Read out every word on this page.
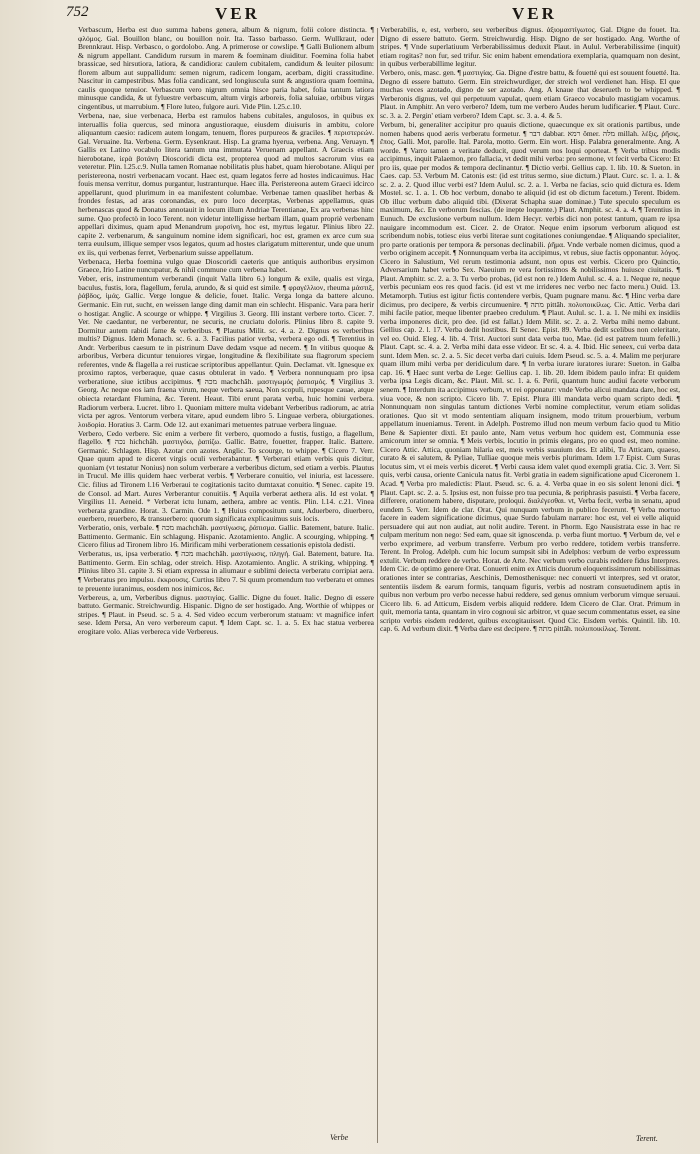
752	VER	VER

Verbascum, Herba est duo summa habens genera, album & nigrum, folii colore distincta. ¶ φλόμος. Gal. Bouillon blanc, ou bouillon noir. Ita. Tasso barbasso. Germ. Wullkraut, oder Brennkraut. Hisp. Verbasco, o gordolobo. Ang. A primerose or cowslipe. ¶ Galli Bulionem album & nigrum appellant. Candidum rursum in marem & foeminam diuiditur. Foemina folia habet brassicae, sed hirsutiora, latiora, & candidiora: caulem cubitalem, candidum & leuiter pilosum: florem album aut suppallidum: semen nigrum, radicem longam, acerbam, digiti crassitudine. Nascitur in campestribus. Mas folia candicant, sed longiuscula sunt & angustiora quam foemina, caulis quoque tenuior. Verbascum vero nigrum omnia hisce paria habet, folia tantum latiora minusque candida, & ut fyluestre verbascum, altum virgis arboreis, folia saluiae, orbibus virgas cingentibus, ut marrubium. ¶ Flore luteo, fulgore auri. Vide Plin. l.25.c.10.

Verbena, nae, siue verbenaca, Herba est ramulos habens cubitales, angulosos, in quibus ex interuallis folia quercus, sed minora angustioraque, eiusdem diuisuris in ambitu, colore aliquantum caesio: radicem autem longam, tenuem, flores purpureos & graciles. ¶ περιστερεών. Gal. Veruaine. Ita. Verbena. Germ. Eysenkraut. Hisp. La grama hyerua, verbena. Ang. Veruayn. ¶ Gallis ex Latino vocabulo litera tantum una immutata Veruenam appellant. A Graecis etiam hierobotane, ἱερὰ βοτάνη Dioscoridi dicta est, propterea quod ad multos sacrorum vius ea veteretur. Plin. l.25.c.9. Nulla tamen Romanae nobilitatis plus habet, quam hierobotane. Aliqui per peristereona, nostri verbenacam vocant. Haec est, quam legatos ferre ad hostes indicauimus. Hac fouis mensa verritur, domus purgantur, lustranturque. Haec illa. Peristereona autem Graeci idcirco appellarunt, quod plurimum in ea manifestent columbae. Verbenae tamen quaslibet herbas & frondes festas, ad aras coronandas, ex puro loco decerptas, Verbenas appellamus, quas herbenascas quod & Donatus annotauit in locum illum Andriae Terentianae, Ex ara verbenas hinc sume. Quo profectò in loco Terent. non videtur intelligisse herbam illam, quam propriè verbenam appellari diximus, quam apud Menandrum μυρσίνη, hoc est, myrtus legatur. Plinius libro 22. capite 2. verbenarum, & sanguinum nomine idem significari, hoc est, gramen ex arce cum sua terra euulsum, illique semper vsos legatos, quum ad hostes clarigatum mitterentur, unde que unum ex iis, qui verbenas ferret, Verbenarium suisse appellatum.

Verbenaca, Herba foemina vulgo quae Dioscoridi caeteris que antiquis authoribus erysimon Graece, Irio Latine nuncupatur, & nihil commune cum verbena habet.

Veber, eris, instrumentum verberandi (inquit Valla libro 6.) longum & exile, qualis est virga, baculus, fustis, lora, flagellum, ferula, arundo, & si quid est simile. ¶ φραγέλλιον, rheuma μάστιξ, ῥάβδος, ἱμάς. Gallic. Verge longue & delicie, fouet. Italic. Verga longa da battere alcuno. Germanic. Ein rut, sucht, en weissen lange ding damit man ein schlecht. Hispanic. Vara para herir o hostigar. Anglic. A scourge or whippe. ¶ Virgilius 3. Georg. Illi instant verbere torto. Cicer. 7. Ver. Ne caedantur, ne verberentur, ne securis, ne cruciatu doloris. Plinius libro 8. capite 9. Dormitur autem rabidi fame & verberibus. ¶ Plautus Milit. sc. 4. a. 2. Dignus es verberibus multis? Dignus. Idem Monach. sc. 6. a. 3. Facilius patior verba, verbera ego odi. ¶ Terentius in Andr. Verberibus caesum te in pistrinum Dave dedam vsque ad necem. ¶ In vitibus quoque & arboribus, Verbera dicuntur tenuiores virgae, longitudine & flexibilitate sua flagrorum speciem referentes, vnde & flagella a rei rusticae scriptoribus appellantur. Quin. Declamat. vlt. Ignesque ex proximo raptos, verberaque, quae casus obtulerat in vado. ¶ Verbera nonnunquam pro ipsa verberatione, siue ictibus accipimus. ¶ מכה machchâh. μαστιγωμός ῥαπισμός. ¶ Virgilius 3. Georg. Ac neque eos iam fraena virum, neque verbera saeua, Non scopuli, rupesque cauae, atque obiecta retardant Flumina, &c. Terent. Heaut. Tibi erunt parata verba, huic homini verbera. Radiorum verbera. Lucret. libro 1. Quoniam mittere multa videbant Verberibus radiorum, ac atria victa per agros. Ventorum verbera vitare, apud eundem libro 5. Linguae verbera, obiurgationes. λοιδορία. Horatius 3. Carm. Ode 12. aut exanimari metuentes patruae verbera linguae.

Verbero, Cedo verbere. Sic enim a verbere fit verbero, quomodo a fustis, fustigo, a flagellum, flagello. ¶ נכה hichchâh. μαστιγόω, ῥαπίζω. Gallic. Batre, fouetter, frapper. Italic. Battere. Germanic. Schlagen. Hisp. Azotar con azotes. Anglic. To scourge, to whippe. ¶ Cicero 7. Verr. Quae quum apud te diceret virgis oculi verberabantur. ¶ Verberari etiam verbis quis dicitur, quoniam (vt testatur Nonius) non solum verberare a verberibus dictum, sed etiam a verbis. Plautus in Trucul. Me illis quidem haec verberat verbis. ¶ Verberare conuitio, vel iniuria, est lacessere. Cic. filius ad Tironem l.16 Verberaui te cogitationis tacito dumtaxat conuitio. ¶ Senec. capite 19. de Consol. ad Mart. Aures Verberantur conuitiis. ¶ Aquila verberat aethera alis. Id est volat. ¶ Virgilius 11. Aeneid. * Verberat ictu lunam, aethera, ambre ac ventis. Plin. l.14. c.21. Vinea verberata grandine. Horat. 3. Carmin. Ode 1. ¶ Huius compositum sunt, Aduerbero, diuerbero, euerbero, reuerbero, & transuerbero: quorum significata explicauimus suis locis.

Verberatio, onis, verbale. ¶ מכה machchâh. μαστίγωσις, ῥάπισμα. Gallic. Batement, bature. Italic. Battimento. Germanic. Ein schlagung. Hispanic. Azotamiento. Anglic. A scourging, whipping. ¶ Cicero filius ad Tironem libro 16. Mirificam mihi verberationem cessationis epistola dedisti.

Verberatus, us, ipsa verberatio. ¶ מכה machchâh. μαστίγωσις, πληγή. Gal. Batement, bature. Ita. Battimento. Germ. Ein schlag, oder streich. Hisp. Azotamiento. Anglic. A striking, whipping. ¶ Plinius libro 31. capite 3. Si etiam expressa in aliumaur e sublimi deiecta verberatu corripiat aera. ¶ Verberatus pro impulsu. ἐκκρουσις. Curtius libro 7. Si quum promendum tuo verberatu et omnes te preuente iuranimus, eosdem nos inimicos, &c.

Verbereus, a, um, Verberibus dignus. μαστιγίας. Gallic. Digne du fouet. Italic. Degno di essere battuto. Germanic. Streichwurdig. Hispanic. Digno de ser hostigado. Ang. Worthie of whippes or stripes. ¶ Plaut. in Pseud. sc. 5 a. 4. Sed video eccum verberorum statuam: vt magnifice infert sese. Idem Persa, An vero verbereum caput. ¶ Idem Capt. sc. 1. a. 5. Ex hac statua verberea erogitare volo. Alias verbereca vide Verbereus.

Verberabilis, e, est, verbero, seu verberibus dignus. ἀξιομαστίγωτος. Gal. Digne du fouet. Ita. Digno di essere battuto. Germ. Streichwurdig. Hisp. Digno de ser hostigado. Ang. Worthe of stripes. ¶ Vnde superlatiuum Verberabilissimus deduxit Plaut. in Aulul. Verberabilissime (inquit) etiam rogitas? non fur, sed trifur. Sic enim habent emendatiora exemplaria, quamquam non desint, in quibus verberabillime legitur.

Verbero, onis, masc. gen. ¶ μαστιγίας. Ga. Digne d'estre battu, & fouetté qui est souuent fouetté. Ita. Degno di essere battuto. Germ. Ein streichwurdiger, der streich wol verdienet han. Hisp. El que muchas veces azotado, digno de ser azotado. Ang. A knaue that deserueth to be whipped. ¶ Verberonis dignus, vel qui perpetuum vapulat, quem etiam Graeco vocabulo mastigiam vocamus. Plaut. in Amphitr. An vero verbero? Idem, tum me verbero Audes herum ludificarier. ¶ Plaut. Curc. sc. 3. a. 2. Pergin' etiam verbero? Idem Capt. sc. 3. a. 4. & 5.

Verbum, bi, generaliter accipitur pro quauis dictione, quaecunque ex sit orationis partibus, unde nomen habens quod aeris verberatu formetur. ¶ דבר dabbar. רמא ômer. מלה millah. λέξις, ῥῆσις, ἔπος. Galli. Mot, parolle. Ital. Parola, motto. Germ. Ein wort. Hisp. Palabra generalmente. Ang. A worde. ¶ Varro tamen a veritate deducit, quod verum nos loqui oporteat. ¶ Verba tribus modis accipimus, inquit Palaemon, pro fallacia, vt dedit mihi verba: pro sermone, vt fecit verba Cicero: Et pro iis, quae per modos & tempora declinantur. ¶ Dictio verbi. Gellius cap. 1. lib. 10. & Sueton. in Caes. cap. 53. Verbum M. Catonis est: (id est tritus sermo, siue dictum.) Plaut. Curc. sc. 1. a. 1. & sc. 2. a. 2. Quod illuc verbi est? Idem Aulul. sc. 2. a. 1. Verba ne facias, scio quid dictura es. Idem Mostel. sc. 1. a. 1. Ob hoc verbum, donabo te aliquid (id est ob dictum facetum.) Terent. Ibidem. Ob illuc verbum dabo aliquid tibi. (Dixerat Schapha suae dominae.) Tute speculo speculum es maximum, &c. En verborum fescias. (de inepte loquente.) Plaut. Amphit. sc. 4. a. 4. ¶ Terentius in Eunuch. De exclusione verbum nullum. Idem Hecyr. verbis dici non potest tantum, quam re ipsa nauigare incommodum est. Cicer. 2. de Orator. Neque enim ipsorum verborum aliquod est scribendum nobis, totiesc eius verbi literae sunt cogitationes coniungendae. ¶ Aliquando specialiter, pro parte orationis per tempora & personas declinabili. ῥῆμα. Vnde verbale nomen dicimus, quod a verbo originem accepit. ¶ Nonnunquam verba ita accipimus, vt rebus, siue factis opponantur. λόγος. Cicero in Salustium, Vel rerum testimonia adsunt, non opus est verbis. Cicero pro Quinctio, Adversarium habet verbo Sex. Naeuium re vera fortissimos & nobilissimos huiusce ciuitatis. ¶ Plaut. Amphitr. sc. 2. a. 3. Tu verbo probas, (id est non re.) Idem Aulul. sc. 4. a. 1. Neque re, neque verbis pecuniam eos res quod facis. (id est vt me irrideres nec verbo nec facto meru.) Ouid. 13. Metamorph. Tutius est igitur fictis contendere verbis, Quam pugnare manu. &c. ¶ Hinc verba dare dicimus, pro decipere, & verbis circumuenire. ¶ מתה pittâh. πολυποικίλως. Cic. Attic. Verba dari mihi facile patior, meque libenter praebeo credulum. ¶ Plaut. Aulul. sc. 1. a. 1. Ne mihi ex insidiis verba imponeres dicit, pro dee. (id est fallat.) Idem Milit. sc. 2. a. 2. Verba mihi nemo dabunt. Gellius cap. 2. l. 17. Verba dedit hostibus. Et Senec. Epist. 89. Verba dedit scelibus non celeritate, vel eo. Ouid. Eleg. 4. lib. 4. Trist. Auctori sunt data verba tuo, Mae. (id est patrem tuum fefelli.) Plaut. Capt. sc. 4. a. 2. Verba mihi data esse videor. Et sc. 4. a. 4. Ibid. Hic seneex, cui verba data sunt. Idem Men. sc. 2. a. 5. Sic decet verba dari cuiuis. Idem Pseud. sc. 5. a. 4. Malim me perjurare quam illum mihi verba per deridiculum dare. ¶ In verba iurare iuratores iurare: Sueton. in Galba cap. 16. ¶ Haec sunt verba de Lege: Gellius cap. 1. lib. 20. Idem ibidem paulo infra: Et quidem verba ipsa Legis dicam, &c. Plaut. Mil. sc. 1. a. 6. Perii, quantum hunc audiui facete verborum senem. ¶ Interdum ita accipimus verbum, vt rei opponatur: vnde Verbo alicui mandata dare, hoc est, viua voce, & non scripto. Cicero lib. 7. Epist. Plura illi mandata verbo quam scripto dedi. ¶ Nonnunquam non singulas tantum dictiones Verbi nomine complectitur, verum etiam solidas orationes. Quo sit vt modo sententiam aliquam insignem, modo tritum prouerbium, verbum appellatum inueniamus. Terent. in Adelph. Postremo illud non meum verbum facio quod tu Mitio Bene & Sapienter dixti. Et paulo ante, Nam vetus verbum hoc quidem est, Communia esse amicorum inter se omnia. ¶ Meis verbis, locutio in primis elegans, pro eo quod est, meo nomine. Cicero Attic. Attica, quoniam hilaria est, meis verbis suauium des. Et alibi, Tu Atticam, quaeso, curato & ei salutem, & Pyliae, Tulliae quoque meis verbis plurimam. Idem 1.7 Epist. Cum Suras locutus sim, vt ei meis verbis diceret. ¶ Verbi causa idem valet quod exempli gratia. Cic. 3. Verr. Si quis, verbi causa, oriente Canicula natus fit. Verbi gratia in eadem significatione apud Ciceronem 1. Acad. ¶ Verba pro maledictis: Plaut. Pseud. sc. 6. a. 4. Verba quae in eo sis solent lenoni dici. ¶ Plaut. Capt. sc. 2. a. 5. Ipsius est, non fuisse pro tua pecunia, & periphrasis pasuisti. ¶ Verba facere, differere, orationem habere, disputare, proloqui. διαλέγεσθαι. vt, Verba fecit, verba in senatu, apud eundem 5. Verr. Idem de clar. Orat. Qui nunquam verbum in publico fecerunt. ¶ Verba mortuo facere in eadem significatione dicimus, quae Surdo fabulam narrare: hoc est, vel ei velle aliquid persuadere qui aut non audiat, aut nolit audire. Terent. in Phorm. Ego Nausistrata esse in hac re culpam meritum non nego: Sed eam, quae sit ignoscenda. p. verba fiunt mortuo. ¶ Verbum de, vel e verbo exprimere, ad verbum transferre. Verbum pro verbo reddere, totidem verbis transferre. Terent. In Prolog. Adelph. cum hic locum sumpsit sibi in Adelphos: verbum de verbo expressum extulit. Verbum reddere de verbo. Horat. de Arte. Nec verbum verbo curabis reddere fidus Interpres. Idem Cic. de optimo genere Orat. Conuerti enim ex Atticis duorum eloquentissimorum nobilissimas orationes inter se contrarias, Aeschinis, Demosthenisque: nec conuerti vt interpres, sed vt orator, sententiis iisdem & earum formis, tanquam figuris, verbis ad nostram consuetudinem aptis in quibus non verbum pro verbo necesse habui reddere, sed genus omnium verborum vimque seruaui. Cicero lib. 6. ad Atticum, Eisdem verbis aliquid reddere. Idem Cicero de Clar. Orat. Primum in quit, memoria tanta, quantam in viro cognoui sic arbitror, vt quae secum commentatus esset, ea sine scripto verbis eisdem redderet, quibus excogitauisset. Quod Cic. Eisdem verbis. Quintil. lib. 10. cap. 6. Ad verbum dixit. ¶ Verba dare est decipere. ¶ מתה pittâh. πολυποικίλως. Terent.

Verbe	Terent.
